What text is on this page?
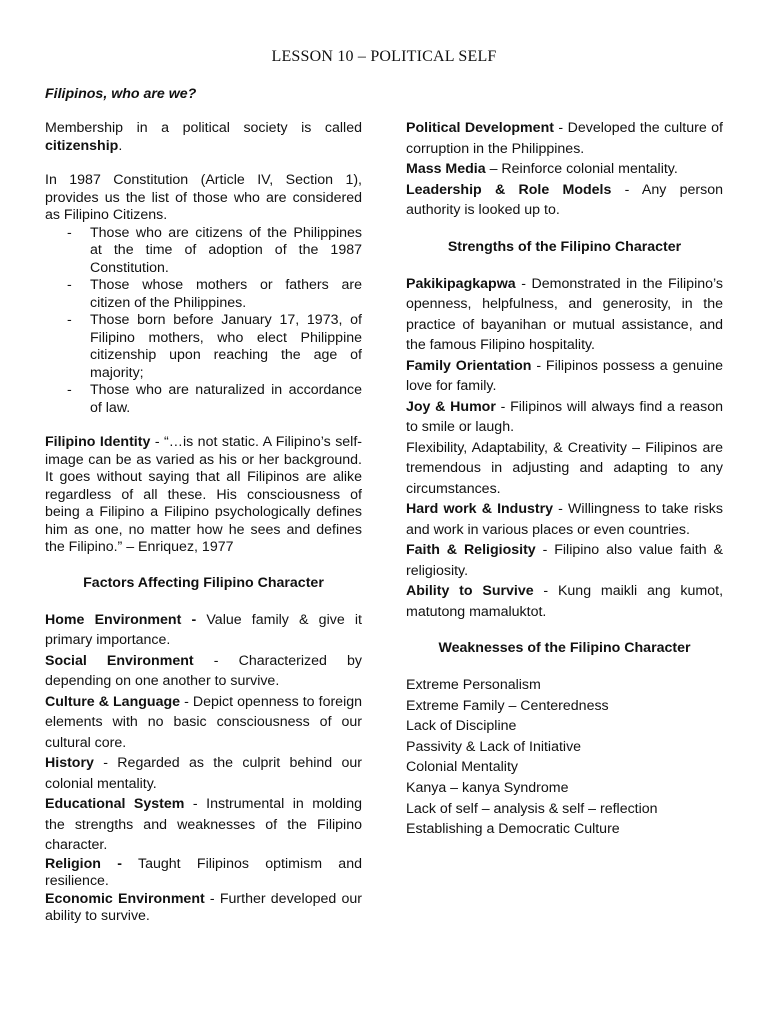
LESSON 10 – POLITICAL SELF

Filipinos, who are we?

Membership in a political society is called citizenship.

In 1987 Constitution (Article IV, Section 1), provides us the list of those who are considered as Filipino Citizens.

- Those who are citizens of the Philippines at the time of adoption of the 1987 Constitution.
- Those whose mothers or fathers are citizen of the Philippines.
- Those born before January 17, 1973, of Filipino mothers, who elect Philippine citizenship upon reaching the age of majority;
- Those who are naturalized in accordance of law.

Filipino Identity - “…is not static. A Filipino’s self-image can be as varied as his or her background. It goes without saying that all Filipinos are alike regardless of all these. His consciousness of being a Filipino a Filipino psychologically defines him as one, no matter how he sees and defines the Filipino.” – Enriquez, 1977

Factors Affecting Filipino Character

Home Environment - Value family & give it primary importance.

Social Environment - Characterized by depending on one another to survive.

Culture & Language - Depict openness to foreign elements with no basic consciousness of our cultural core.

History - Regarded as the culprit behind our colonial mentality.

Educational System - Instrumental in molding the strengths and weaknesses of the Filipino character.

Religion - Taught Filipinos optimism and resilience.

Economic Environment - Further developed our ability to survive.

Political Development - Developed the culture of corruption in the Philippines.

Mass Media – Reinforce colonial mentality.

Leadership & Role Models - Any person authority is looked up to.

Strengths of the Filipino Character

Pakikipagkapwa - Demonstrated in the Filipino’s openness, helpfulness, and generosity, in the practice of bayanihan or mutual assistance, and the famous Filipino hospitality.

Family Orientation - Filipinos possess a genuine love for family.

Joy & Humor - Filipinos will always find a reason to smile or laugh.

Flexibility, Adaptability, & Creativity – Filipinos are tremendous in adjusting and adapting to any circumstances.

Hard work & Industry - Willingness to take risks and work in various places or even countries.

Faith & Religiosity - Filipino also value faith & religiosity.

Ability to Survive - Kung maikli ang kumot, matutong mamaluktot.

Weaknesses of the Filipino Character

Extreme Personalism

Extreme Family – Centeredness

Lack of Discipline

Passivity & Lack of Initiative

Colonial Mentality

Kanya – kanya Syndrome

Lack of self – analysis & self – reflection

Establishing a Democratic Culture
